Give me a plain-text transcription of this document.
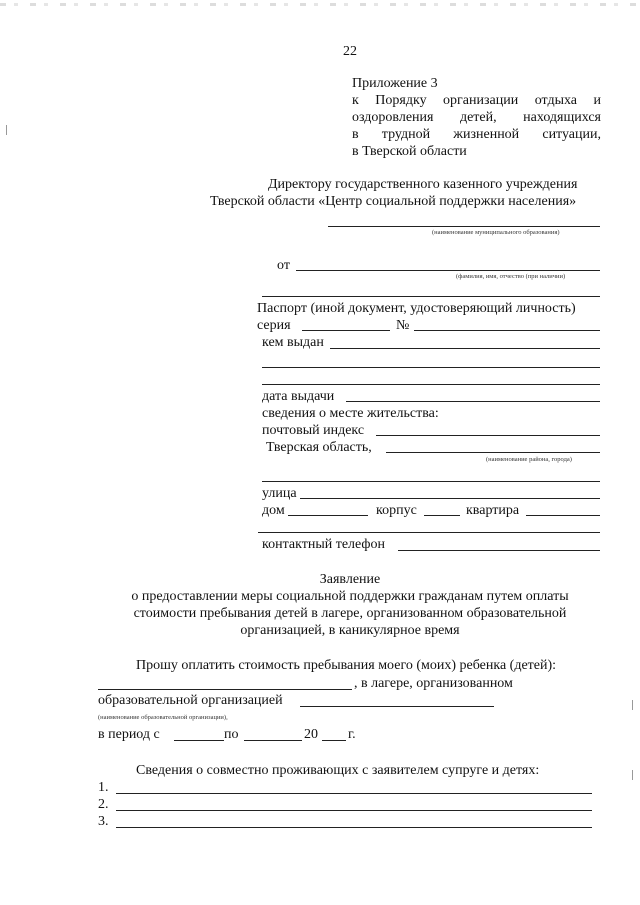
22
Приложение 3
к Порядку организации отдыха и
оздоровления детей, находящихся
в трудной жизненной ситуации,
в Тверской области
Директору государственного казенного учреждения
Тверской области «Центр социальной поддержки населения»
(наименование муниципального образования)
от
(фамилия, имя, отчество (при наличии)
Паспорт (иной документ, удостоверяющий личность)
серия	№
кем выдан
дата выдачи
сведения о месте жительства:
почтовый индекс
Тверская область,
(наименование района, города)
улица
дом	корпус	квартира
контактный телефон
Заявление
о предоставлении меры социальной поддержки гражданам путем оплаты
стоимости пребывания детей в лагере, организованном образовательной
организацией, в каникулярное время
Прошу оплатить стоимость пребывания моего (моих) ребенка (детей):
, в лагере, организованном
образовательной организацией
(наименование образовательной организации),
в период с	по	20 г.
Сведения о совместно проживающих с заявителем супруге и детях:
1.
2.
3.
